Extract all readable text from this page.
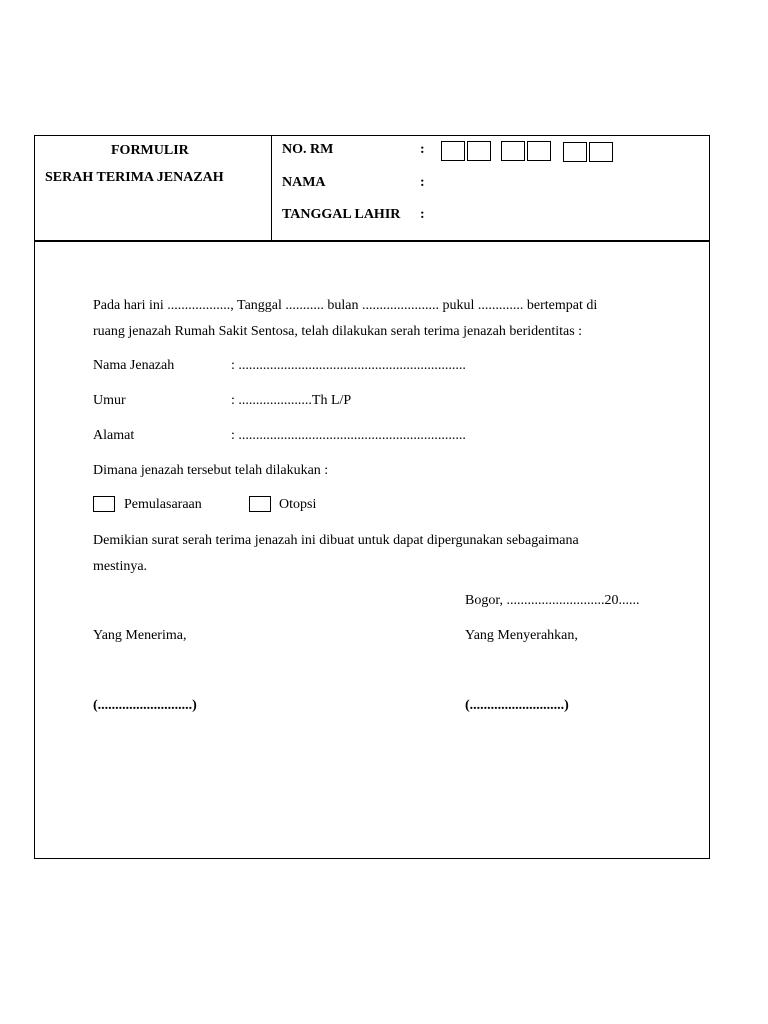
FORMULIR
SERAH TERIMA JENAZAH
NO. RM	:
NAMA	:
TANGGAL LAHIR :
Pada hari ini .................., Tanggal ........... bulan ...................... pukul ............. bertempat di
ruang jenazah Rumah Sakit Sentosa, telah dilakukan serah terima jenazah beridentitas :
Nama Jenazah	: .................................................................
Umur	: .....................Th L/P
Alamat	: .................................................................
Dimana jenazah tersebut telah dilakukan :
Pemulasaraan	Otopsi
Demikian surat serah terima jenazah ini dibuat untuk dapat dipergunakan sebagaimana
mestinya.
Bogor, ............................20......
Yang Menerima,	Yang Menyerahkan,
(...........................)	(...........................)
